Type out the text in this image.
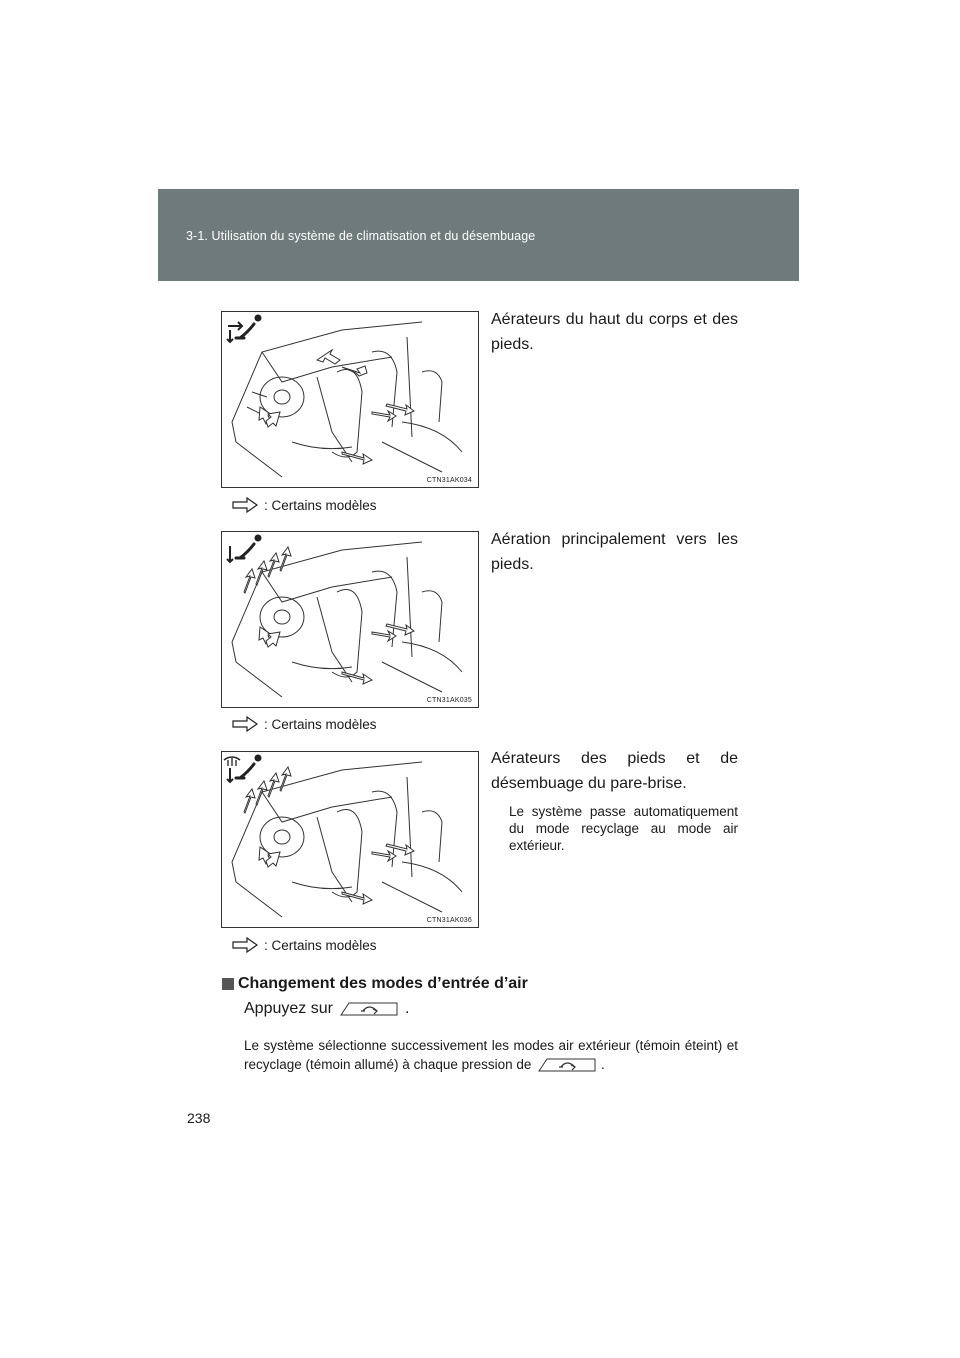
3-1. Utilisation du système de climatisation et du désembuage
CTN31AK034
Aérateurs du haut du corps et des pieds.
: Certains modèles
CTN31AK035
Aération principalement vers les pieds.
: Certains modèles
CTN31AK036
Aérateurs des pieds et de désembuage du pare-brise.
Le système passe automatiquement du mode recyclage au mode air extérieur.
: Certains modèles
Changement des modes d’entrée d’air
Appuyez sur	.
Le système sélectionne successivement les modes air extérieur (témoin éteint) et recyclage (témoin allumé) à chaque pression de	.
238
